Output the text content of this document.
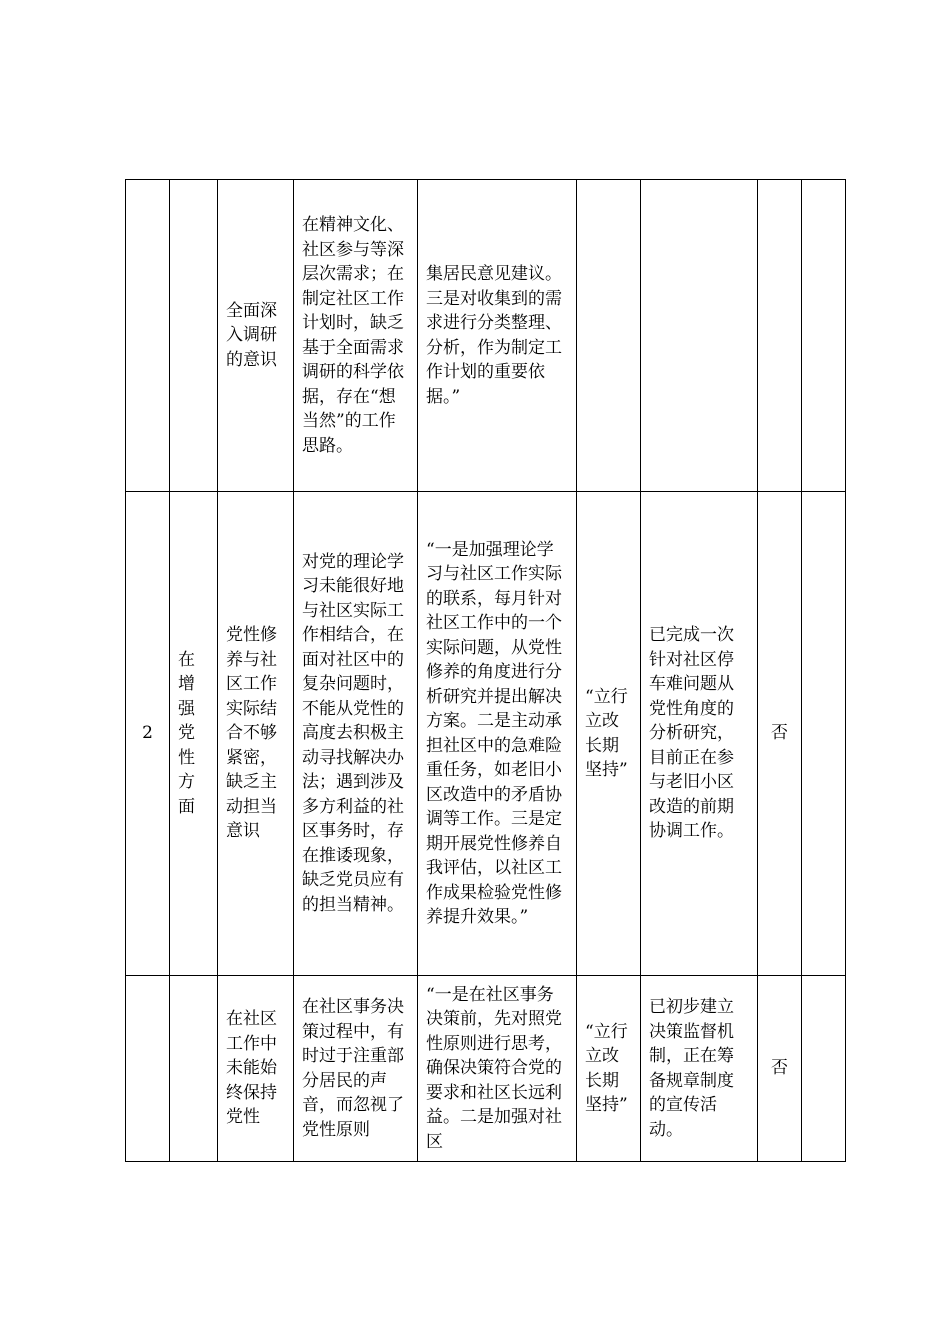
		全面深入调研的意识	在精神文化、社区参与等深层次需求；在制定社区工作计划时，缺乏基于全面需求调研的科学依据，存在“想当然”的工作思路。	集居民意见建议。三是对收集到的需求进行分类整理、分析，作为制定工作计划的重要依据。”				
2	在增强党性方面	党性修养与社区工作实际结合不够紧密，缺乏主动担当意识	对党的理论学习未能很好地与社区实际工作相结合，在面对社区中的复杂问题时，不能从党性的高度去积极主动寻找解决办法；遇到涉及多方利益的社区事务时，存在推诿现象，缺乏党员应有的担当精神。	“一是加强理论学习与社区工作实际的联系，每月针对社区工作中的一个实际问题，从党性修养的角度进行分析研究并提出解决方案。二是主动承担社区中的急难险重任务，如老旧小区改造中的矛盾协调等工作。三是定期开展党性修养自我评估，以社区工作成果检验党性修养提升效果。”	“立行立改长期坚持”	已完成一次针对社区停车难问题从党性角度的分析研究，目前正在参与老旧小区改造的前期协调工作。	否	
		在社区工作中未能始终保持党性	在社区事务决策过程中，有时过于注重部分居民的声音，而忽视了党性原则	“一是在社区事务决策前，先对照党性原则进行思考，确保决策符合党的要求和社区长远利益。二是加强对社区	“立行立改长期坚持”	已初步建立决策监督机制，正在筹备规章制度的宣传活动。	否	
